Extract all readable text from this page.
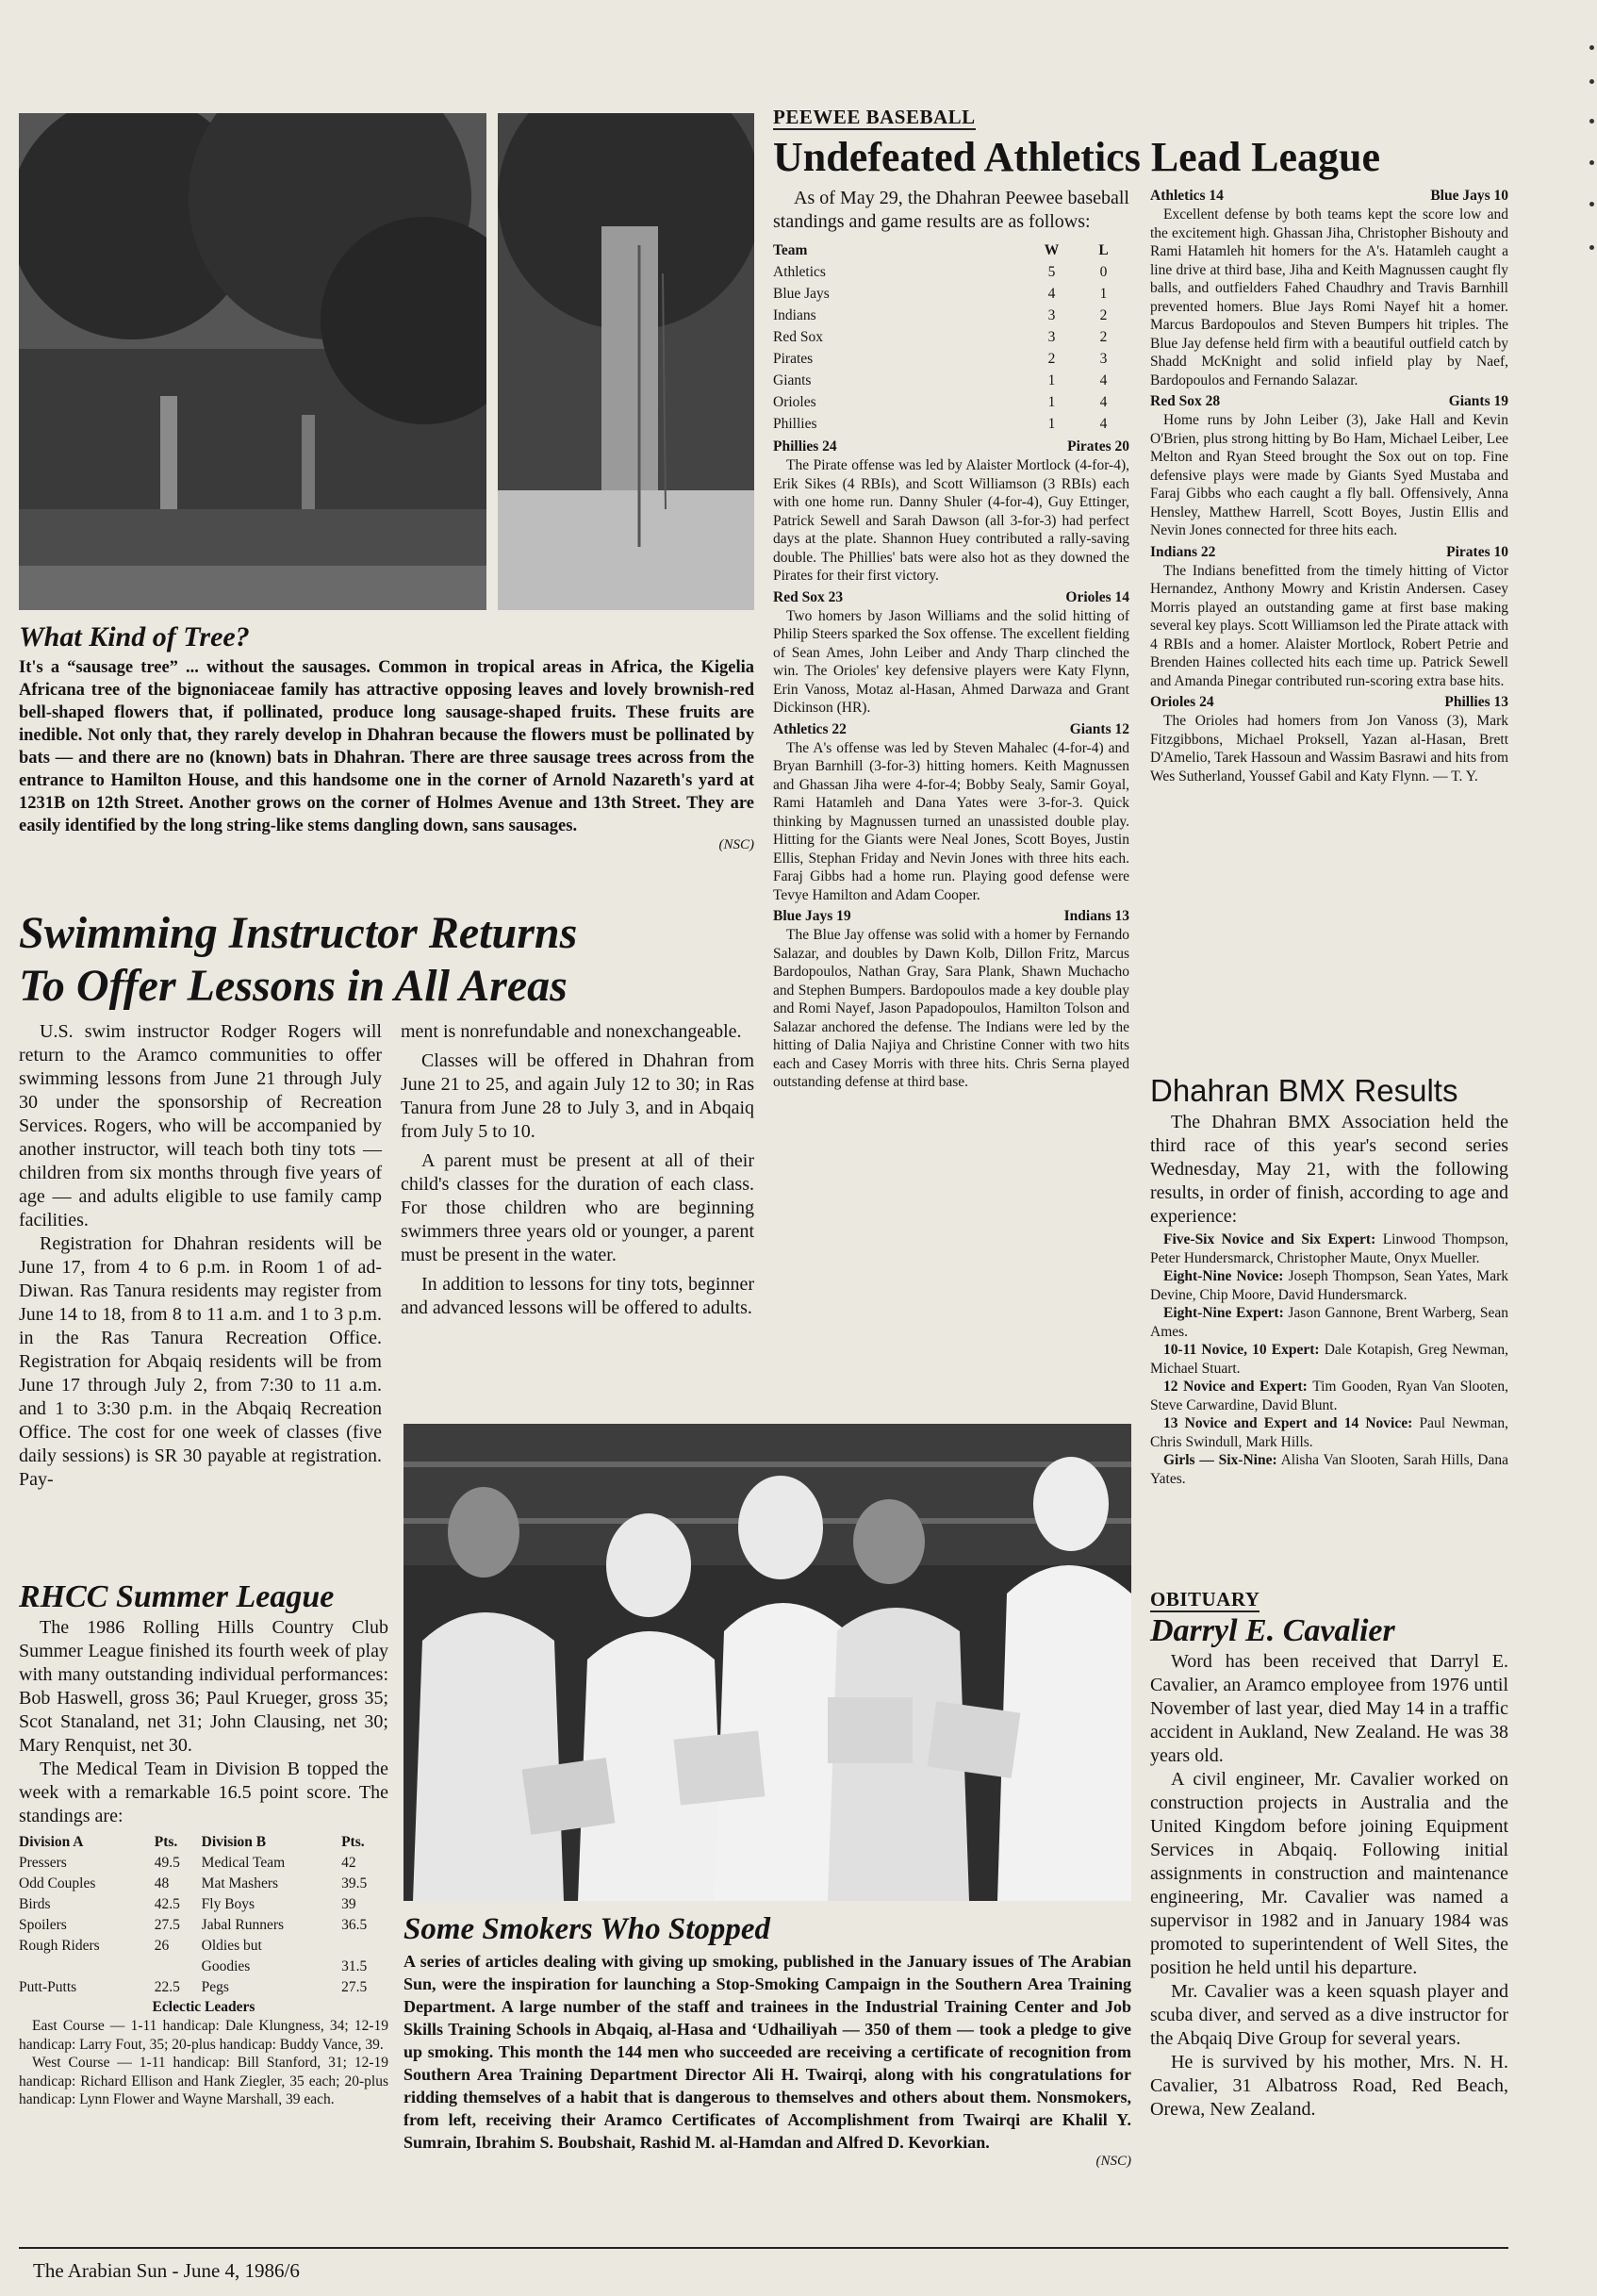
What Kind of Tree?

It's a “sausage tree” ... without the sausages. Common in tropical areas in Africa, the Kigelia Africana tree of the bignoniaceae family has attractive opposing leaves and lovely brownish-red bell-shaped flowers that, if pollinated, produce long sausage-shaped fruits. These fruits are inedible. Not only that, they rarely develop in Dhahran because the flowers must be pollinated by bats — and there are no (known) bats in Dhahran. There are three sausage trees across from the entrance to Hamilton House, and this handsome one in the corner of Arnold Nazareth's yard at 1231B on 12th Street. Another grows on the corner of Holmes Avenue and 13th Street. They are easily identified by the long string-like stems dangling down, sans sausages.

(NSC)
Swimming Instructor Returns
To Offer Lessons in All Areas

U.S. swim instructor Rodger Rogers will return to the Aramco communities to offer swimming lessons from June 21 through July 30 under the sponsorship of Recreation Services. Rogers, who will be accompanied by another instructor, will teach both tiny tots — children from six months through five years of age — and adults eligible to use family camp facilities.

Registration for Dhahran residents will be June 17, from 4 to 6 p.m. in Room 1 of ad-Diwan. Ras Tanura residents may register from June 14 to 18, from 8 to 11 a.m. and 1 to 3 p.m. in the Ras Tanura Recreation Office. Registration for Abqaiq residents will be from June 17 through July 2, from 7:30 to 11 a.m. and 1 to 3:30 p.m. in the Abqaiq Recreation Office. The cost for one week of classes (five daily sessions) is SR 30 payable at registration. Pay-

ment is nonrefundable and nonexchangeable.

Classes will be offered in Dhahran from June 21 to 25, and again July 12 to 30; in Ras Tanura from June 28 to July 3, and in Abqaiq from July 5 to 10.

A parent must be present at all of their child's classes for the duration of each class. For those children who are beginning swimmers three years old or younger, a parent must be present in the water.

In addition to lessons for tiny tots, beginner and advanced lessons will be offered to adults.

RHCC Summer League

The 1986 Rolling Hills Country Club Summer League finished its fourth week of play with many outstanding individual performances: Bob Haswell, gross 36; Paul Krueger, gross 35; Scot Stanaland, net 31; John Clausing, net 30; Mary Renquist, net 30.

The Medical Team in Division B topped the week with a remarkable 16.5 point score. The standings are:

Division A	Pts.	Division B	Pts.
Pressers	49.5	Medical Team	42
Odd Couples	48	Mat Mashers	39.5
Birds	42.5	Fly Boys	39
Spoilers	27.5	Jabal Runners	36.5
Rough Riders	26	Oldies but	
		Goodies	31.5
Putt-Putts	22.5	Pegs	27.5
Eclectic Leaders

East Course — 1-11 handicap: Dale Klungness, 34; 12-19 handicap: Larry Fout, 35; 20-plus handicap: Buddy Vance, 39.

West Course — 1-11 handicap: Bill Stanford, 31; 12-19 handicap: Richard Ellison and Hank Ziegler, 35 each; 20-plus handicap: Lynn Flower and Wayne Marshall, 39 each.

PEEWEE BASEBALL
Undefeated Athletics Lead League

As of May 29, the Dhahran Peewee baseball standings and game results are as follows:

Team	W	L
Athletics	5	0
Blue Jays	4	1
Indians	3	2
Red Sox	3	2
Pirates	2	3
Giants	1	4
Orioles	1	4
Phillies	1	4
Phillies 24	Pirates 20

The Pirate offense was led by Alaister Mortlock (4-for-4), Erik Sikes (4 RBIs), and Scott Williamson (3 RBIs) each with one home run. Danny Shuler (4-for-4), Guy Ettinger, Patrick Sewell and Sarah Dawson (all 3-for-3) had perfect days at the plate. Shannon Huey contributed a rally-saving double. The Phillies' bats were also hot as they downed the Pirates for their first victory.

Red Sox 23	Orioles 14

Two homers by Jason Williams and the solid hitting of Philip Steers sparked the Sox offense. The excellent fielding of Sean Ames, John Leiber and Andy Tharp clinched the win. The Orioles' key defensive players were Katy Flynn, Erin Vanoss, Motaz al-Hasan, Ahmed Darwaza and Grant Dickinson (HR).

Athletics 22	Giants 12

The A's offense was led by Steven Mahalec (4-for-4) and Bryan Barnhill (3-for-3) hitting homers. Keith Magnussen and Ghassan Jiha were 4-for-4; Bobby Sealy, Samir Goyal, Rami Hatamleh and Dana Yates were 3-for-3. Quick thinking by Magnussen turned an unassisted double play. Hitting for the Giants were Neal Jones, Scott Boyes, Justin Ellis, Stephan Friday and Nevin Jones with three hits each. Faraj Gibbs had a home run. Playing good defense were Tevye Hamilton and Adam Cooper.

Blue Jays 19	Indians 13

The Blue Jay offense was solid with a homer by Fernando Salazar, and doubles by Dawn Kolb, Dillon Fritz, Marcus Bardopoulos, Nathan Gray, Sara Plank, Shawn Muchacho and Stephen Bumpers. Bardopoulos made a key double play and Romi Nayef, Jason Papadopoulos, Hamilton Tolson and Salazar anchored the defense. The Indians were led by the hitting of Dalia Najiya and Christine Conner with two hits each and Casey Morris with three hits. Chris Serna played outstanding defense at third base.

Athletics 14	Blue Jays 10

Excellent defense by both teams kept the score low and the excitement high. Ghassan Jiha, Christopher Bishouty and Rami Hatamleh hit homers for the A's. Hatamleh caught a line drive at third base, Jiha and Keith Magnussen caught fly balls, and outfielders Fahed Chaudhry and Travis Barnhill prevented homers. Blue Jays Romi Nayef hit a homer. Marcus Bardopoulos and Steven Bumpers hit triples. The Blue Jay defense held firm with a beautiful outfield catch by Shadd McKnight and solid infield play by Naef, Bardopoulos and Fernando Salazar.

Red Sox 28	Giants 19

Home runs by John Leiber (3), Jake Hall and Kevin O'Brien, plus strong hitting by Bo Ham, Michael Leiber, Lee Melton and Ryan Steed brought the Sox out on top. Fine defensive plays were made by Giants Syed Mustaba and Faraj Gibbs who each caught a fly ball. Offensively, Anna Hensley, Matthew Harrell, Scott Boyes, Justin Ellis and Nevin Jones connected for three hits each.

Indians 22	Pirates 10

The Indians benefitted from the timely hitting of Victor Hernandez, Anthony Mowry and Kristin Andersen. Casey Morris played an outstanding game at first base making several key plays. Scott Williamson led the Pirate attack with 4 RBIs and a homer. Alaister Mortlock, Robert Petrie and Brenden Haines collected hits each time up. Patrick Sewell and Amanda Pinegar contributed run-scoring extra base hits.

Orioles 24	Phillies 13

The Orioles had homers from Jon Vanoss (3), Mark Fitzgibbons, Michael Proksell, Yazan al-Hasan, Brett D'Amelio, Tarek Hassoun and Wassim Basrawi and hits from Wes Sutherland, Youssef Gabil and Katy Flynn. — T. Y.

Dhahran BMX Results

The Dhahran BMX Association held the third race of this year's second series Wednesday, May 21, with the following results, in order of finish, according to age and experience:

Five-Six Novice and Six Expert: Linwood Thompson, Peter Hundersmarck, Christopher Maute, Onyx Mueller.

Eight-Nine Novice: Joseph Thompson, Sean Yates, Mark Devine, Chip Moore, David Hundersmarck.

Eight-Nine Expert: Jason Gannone, Brent Warberg, Sean Ames.

10-11 Novice, 10 Expert: Dale Kotapish, Greg Newman, Michael Stuart.

12 Novice and Expert: Tim Gooden, Ryan Van Slooten, Steve Carwardine, David Blunt.

13 Novice and Expert and 14 Novice: Paul Newman, Chris Swindull, Mark Hills.

Girls — Six-Nine: Alisha Van Slooten, Sarah Hills, Dana Yates.

OBITUARY
Darryl E. Cavalier

Word has been received that Darryl E. Cavalier, an Aramco employee from 1976 until November of last year, died May 14 in a traffic accident in Aukland, New Zealand. He was 38 years old.

A civil engineer, Mr. Cavalier worked on construction projects in Australia and the United Kingdom before joining Equipment Services in Abqaiq. Following initial assignments in construction and maintenance engineering, Mr. Cavalier was named a supervisor in 1982 and in January 1984 was promoted to superintendent of Well Sites, the position he held until his departure.

Mr. Cavalier was a keen squash player and scuba diver, and served as a dive instructor for the Abqaiq Dive Group for several years.

He is survived by his mother, Mrs. N. H. Cavalier, 31 Albatross Road, Red Beach, Orewa, New Zealand.

Some Smokers Who Stopped

A series of articles dealing with giving up smoking, published in the January issues of The Arabian Sun, were the inspiration for launching a Stop-Smoking Campaign in the Southern Area Training Department. A large number of the staff and trainees in the Industrial Training Center and Job Skills Training Schools in Abqaiq, al-Hasa and ‘Udhailiyah — 350 of them — took a pledge to give up smoking. This month the 144 men who succeeded are receiving a certificate of recognition from Southern Area Training Department Director Ali H. Twairqi, along with his congratulations for ridding themselves of a habit that is dangerous to themselves and others about them. Nonsmokers, from left, receiving their Aramco Certificates of Accomplishment from Twairqi are Khalil Y. Sumrain, Ibrahim S. Boubshait, Rashid M. al-Hamdan and Alfred D. Kevorkian.

(NSC)
The Arabian Sun - June 4, 1986/6
